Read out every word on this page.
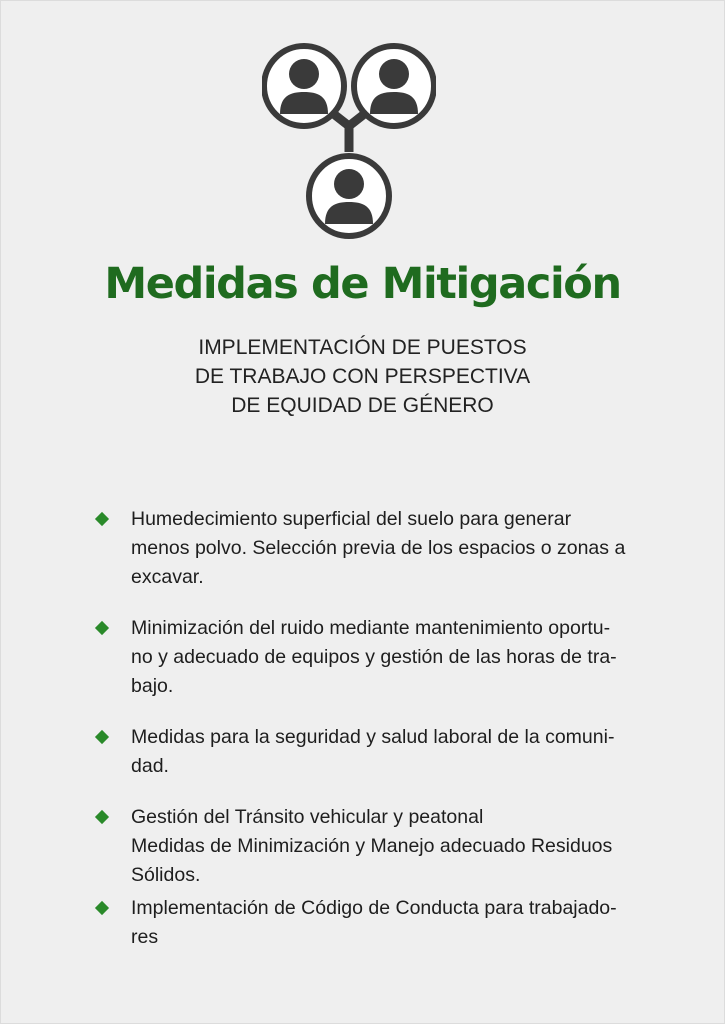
Medidas de Mitigación
IMPLEMENTACIÓN DE PUESTOS
DE TRABAJO CON PERSPECTIVA
DE EQUIDAD DE GÉNERO
Humedecimiento superficial del suelo para generar
menos polvo. Selección previa de los espacios o zonas a
excavar.
Minimización del ruido mediante mantenimiento oportu-
no y adecuado de equipos y gestión de las horas de tra-
bajo.
Medidas para la seguridad y salud laboral de la comuni-
dad.
Gestión del Tránsito vehicular y peatonal
Medidas de Minimización y Manejo adecuado Residuos
Sólidos.
Implementación de Código de Conducta para trabajado-
res
